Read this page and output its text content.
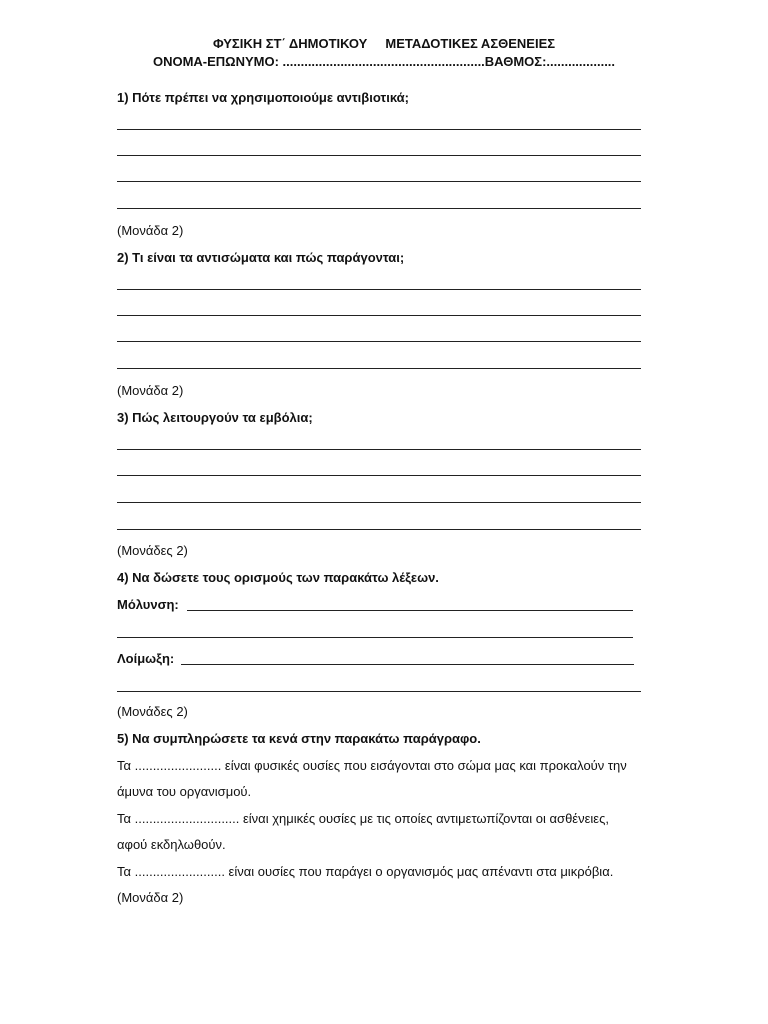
ΦΥΣΙΚΗ ΣΤ΄ ΔΗΜΟΤΙΚΟΥ ΜΕΤΑΔΟΤΙΚΕΣ ΑΣΘΕΝΕΙΕΣ
ΟΝΟΜΑ-ΕΠΩΝΥΜΟ: ........................................................ΒΑΘΜΟΣ:...................
1) Πότε πρέπει να χρησιμοποιούμε αντιβιοτικά;
(Μονάδα 2)
2) Τι είναι τα αντισώματα και πώς παράγονται;
(Μονάδα 2)
3) Πώς λειτουργούν τα εμβόλια;
(Μονάδες 2)
4) Να δώσετε τους ορισμούς των παρακάτω λέξεων.
Μόλυνση:
Λοίμωξη:
(Μονάδες 2)
5) Να συμπληρώσετε τα κενά στην παρακάτω παράγραφο.
Τα ........................ είναι φυσικές ουσίες που εισάγονται στο σώμα μας και προκαλούν την
άμυνα του οργανισμού.
Τα ............................. είναι χημικές ουσίες με τις οποίες αντιμετωπίζονται οι ασθένειες,
αφού εκδηλωθούν.
Τα ......................... είναι ουσίες που παράγει ο οργανισμός μας απέναντι στα μικρόβια.
(Μονάδα 2)
